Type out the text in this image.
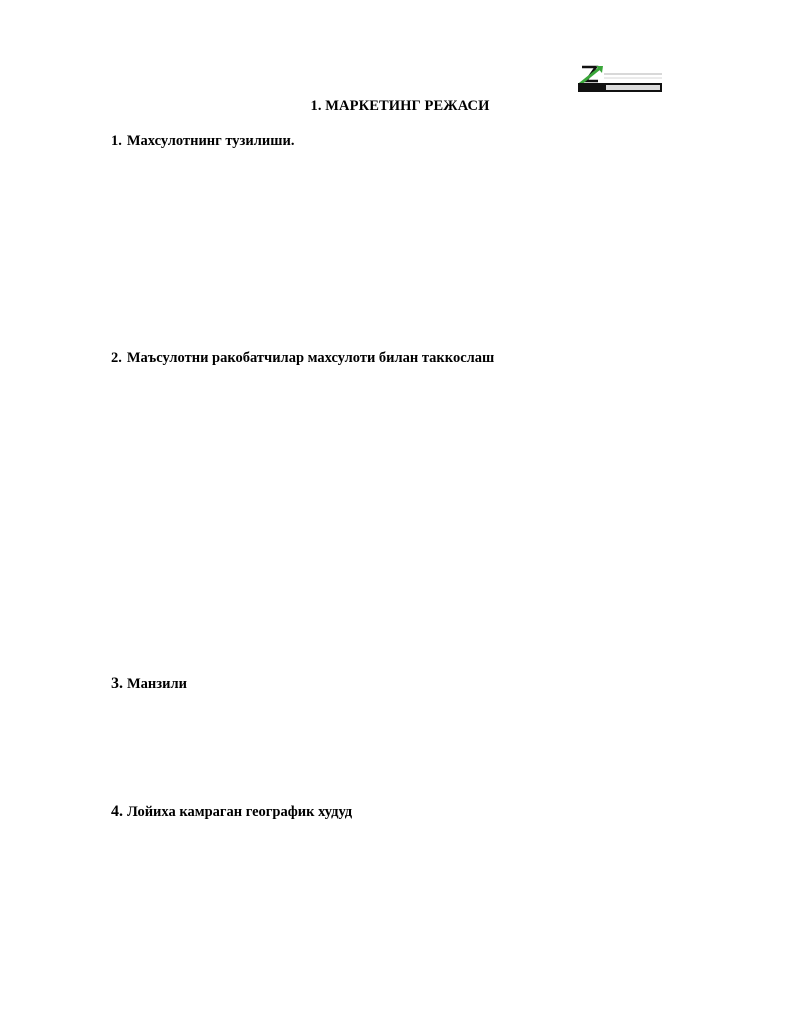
1. МАРКЕТИНГ РЕЖАСИ
1. Махсулотнинг тузилиши.
2. Маъсулотни ракобатчилар махсулоти билан таккослаш
3. Манзили
4. Лойиха камраган географик худуд
